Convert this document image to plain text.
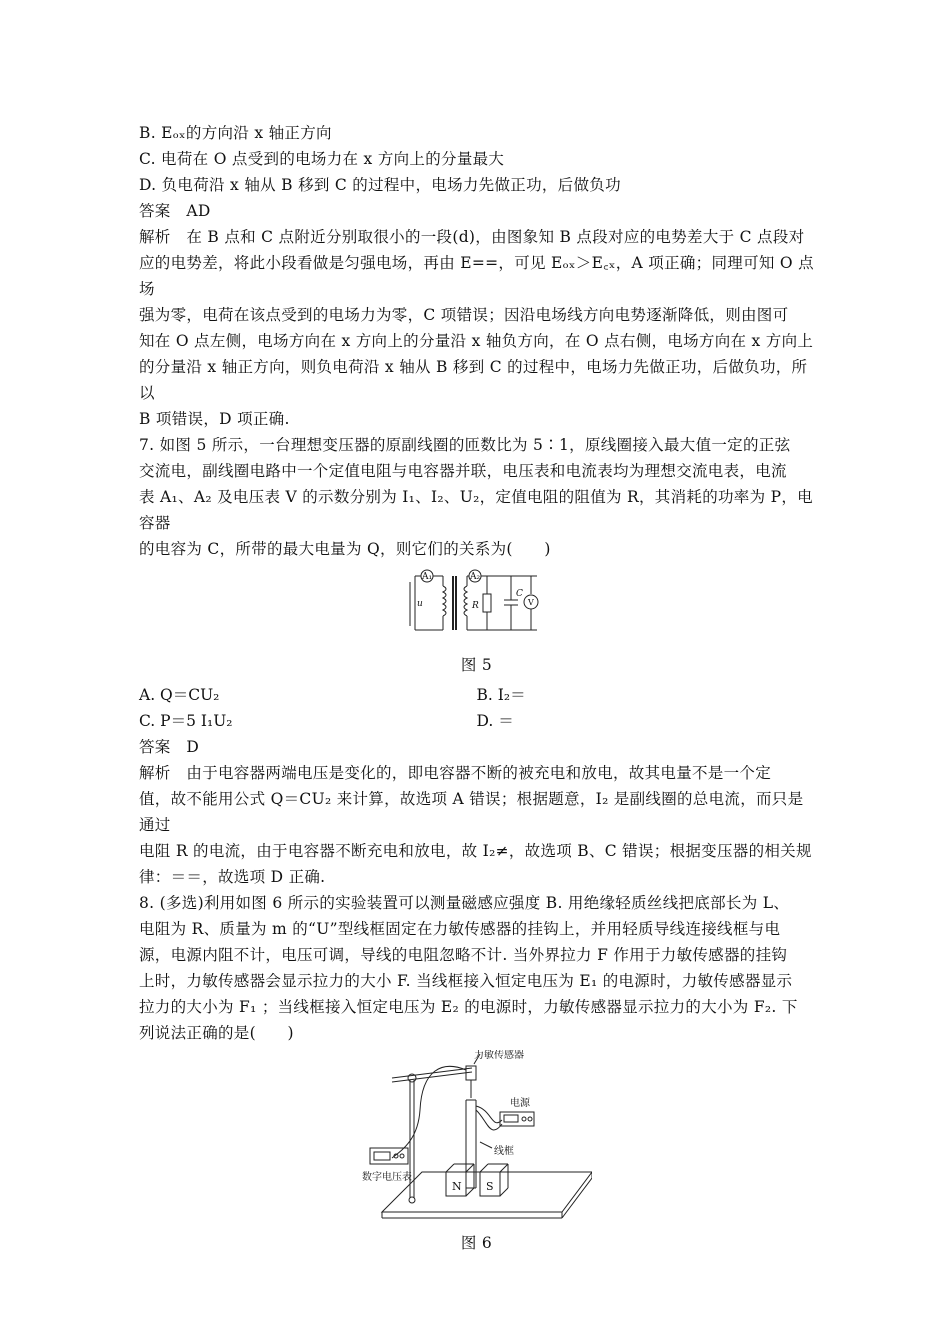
B. Eₒₓ的方向沿 x 轴正方向

C. 电荷在 O 点受到的电场力在 x 方向上的分量最大

D. 负电荷沿 x 轴从 B 移到 C 的过程中，电场力先做正功，后做负功

答案　AD

解析　在 B 点和 C 点附近分别取很小的一段(d)，由图象知 B 点段对应的电势差大于 C 点段对

应的电势差，将此小段看做是匀强电场，再由 E==，可见 Eₒₓ＞E꜀ₓ，A 项正确；同理可知 O 点场

强为零，电荷在该点受到的电场力为零，C 项错误；因沿电场线方向电势逐渐降低，则由图可

知在 O 点左侧，电场方向在 x 方向上的分量沿 x 轴负方向，在 O 点右侧，电场方向在 x 方向上

的分量沿 x 轴正方向，则负电荷沿 x 轴从 B 移到 C 的过程中，电场力先做正功，后做负功，所以

B 项错误，D 项正确.

7. 如图 5 所示，一台理想变压器的原副线圈的匝数比为 5∶1，原线圈接入最大值一定的正弦

交流电，副线圈电路中一个定值电阻与电容器并联，电压表和电流表均为理想交流电表，电流

表 A₁、A₂ 及电压表 V 的示数分别为 I₁、I₂、U₂，定值电阻的阻值为 R，其消耗的功率为 P，电容器

的电容为 C，所带的最大电量为 Q，则它们的关系为(　　)

A₁	A₂
u	R
C
V

图 5

A. Q＝CU₂	B. I₂＝
C. P＝5 I₁U₂	D. ＝

答案　D

解析　由于电容器两端电压是变化的，即电容器不断的被充电和放电，故其电量不是一个定

值，故不能用公式 Q＝CU₂ 来计算，故选项 A 错误；根据题意，I₂ 是副线圈的总电流，而只是通过

电阻 R 的电流，由于电容器不断充电和放电，故 I₂≠，故选项 B、C 错误；根据变压器的相关规

律：＝＝，故选项 D 正确.

8. (多选)利用如图 6 所示的实验装置可以测量磁感应强度 B. 用绝缘轻质丝线把底部长为 L、

电阻为 R、质量为 m 的“U”型线框固定在力敏传感器的挂钩上，并用轻质导线连接线框与电

源，电源内阻不计，电压可调，导线的电阻忽略不计. 当外界拉力 F 作用于力敏传感器的挂钩

上时，力敏传感器会显示拉力的大小 F. 当线框接入恒定电压为 E₁ 的电源时，力敏传感器显示

拉力的大小为 F₁ ；当线框接入恒定电压为 E₂ 的电源时，力敏传感器显示拉力的大小为 F₂. 下

列说法正确的是(　　)

力敏传感器
电源
线框
数字电压表
N S

图 6
